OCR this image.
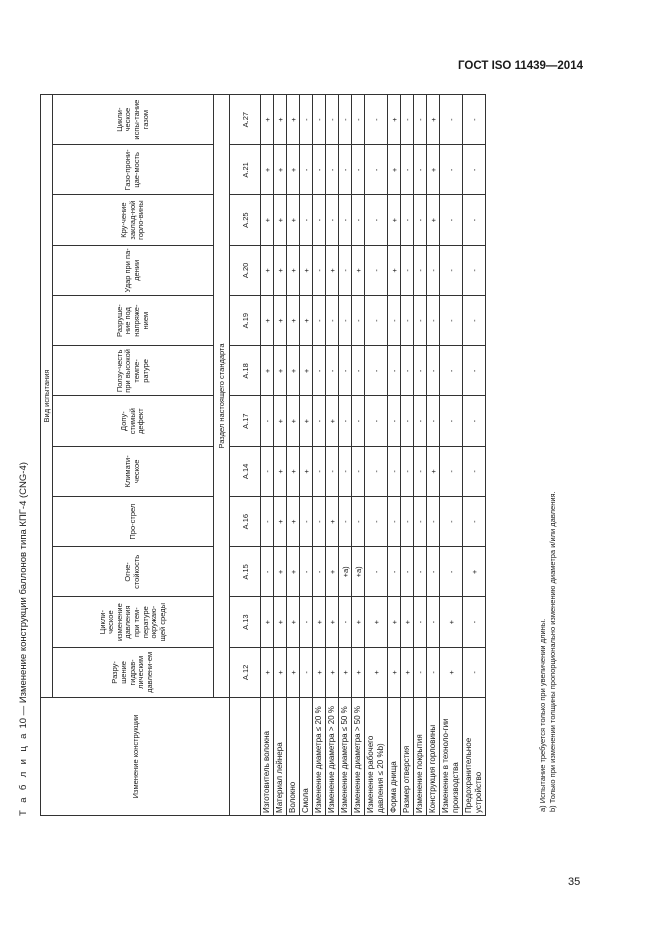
ГОСТ ISO 11439—2014
Т а б л и ц а 10 — Изменение конструкции баллонов типа КПГ-4 (CNG-4)
Изменение конструкции	Вид испытания											
	Разру-шение гидрав-лическим давлени-ем	Цикли-ческое изменение давления при тем-пературе окружаю-щей среды	Огне-стойкость	Про-стрел	Климати-ческое	Допу-стимый дефект	Ползу-честь при высокой темпе-ратуре	Разруше-ние под напряже-нием	Удар при па-дении	Кру-чение заклад-ной горло-вины	Газо-прони-цае-мость	Цикли-ческое испы-тание газом
	Раздел настоящего стандарта											
	А.12	А.13	А.15	А.16	А.14	А.17	А.18	А.19	А.20	А.25	А.21	А.27
Изготовитель волокна	+	+	-	-	-	-	+	+	+	+	+	+
Материал лейнера	+	+	+	+	+	+	+	+	+	+	+	+
Волокно	+	+	+	+	+	+	+	+	+	+	+	+
Смола	-	-	-	-	+	+	+	+	+	-	-	-
Изменение диаметра ≤ 20 %	+	+	-	-	-	-	-	-	-	-	-	-
Изменение диаметра > 20 %	+	+	+	+	-	+	-	-	+	-	-	-
Изменение диаметра ≤ 50 %	+	-	+a)	-	-	-	-	-	-	-	-	-
Изменение диаметра > 50 %	+	+	+a)	-	-	-	-	-	+	-	-	-
Изменение рабочего давления ≤ 20 %b)	+	+	-	-	-	-	-	-	-	-	-	-
Форма днища	+	+	-	-	-	-	-	-	+	+	+	+
Размер отверстия	+	+	-	-	-	-	-	-	-	-	-	-
Изменение покрытия	-	-	-	-	-	-	-	-	-	-	-	-
Конструкция горловины	-	-	-	-	+	-	-	-	-	+	+	+
Изменение в техноло-гии производства	+	+	-	-	-	-	-	-	-	-	-	-
Предохранительное устройство	-	-	+	-	-	-	-	-	-	-	-	-
a) Испытание требуется только при увеличении длины. b) Только при изменении толщины пропорционально изменению диаметра и/или давления.
35
